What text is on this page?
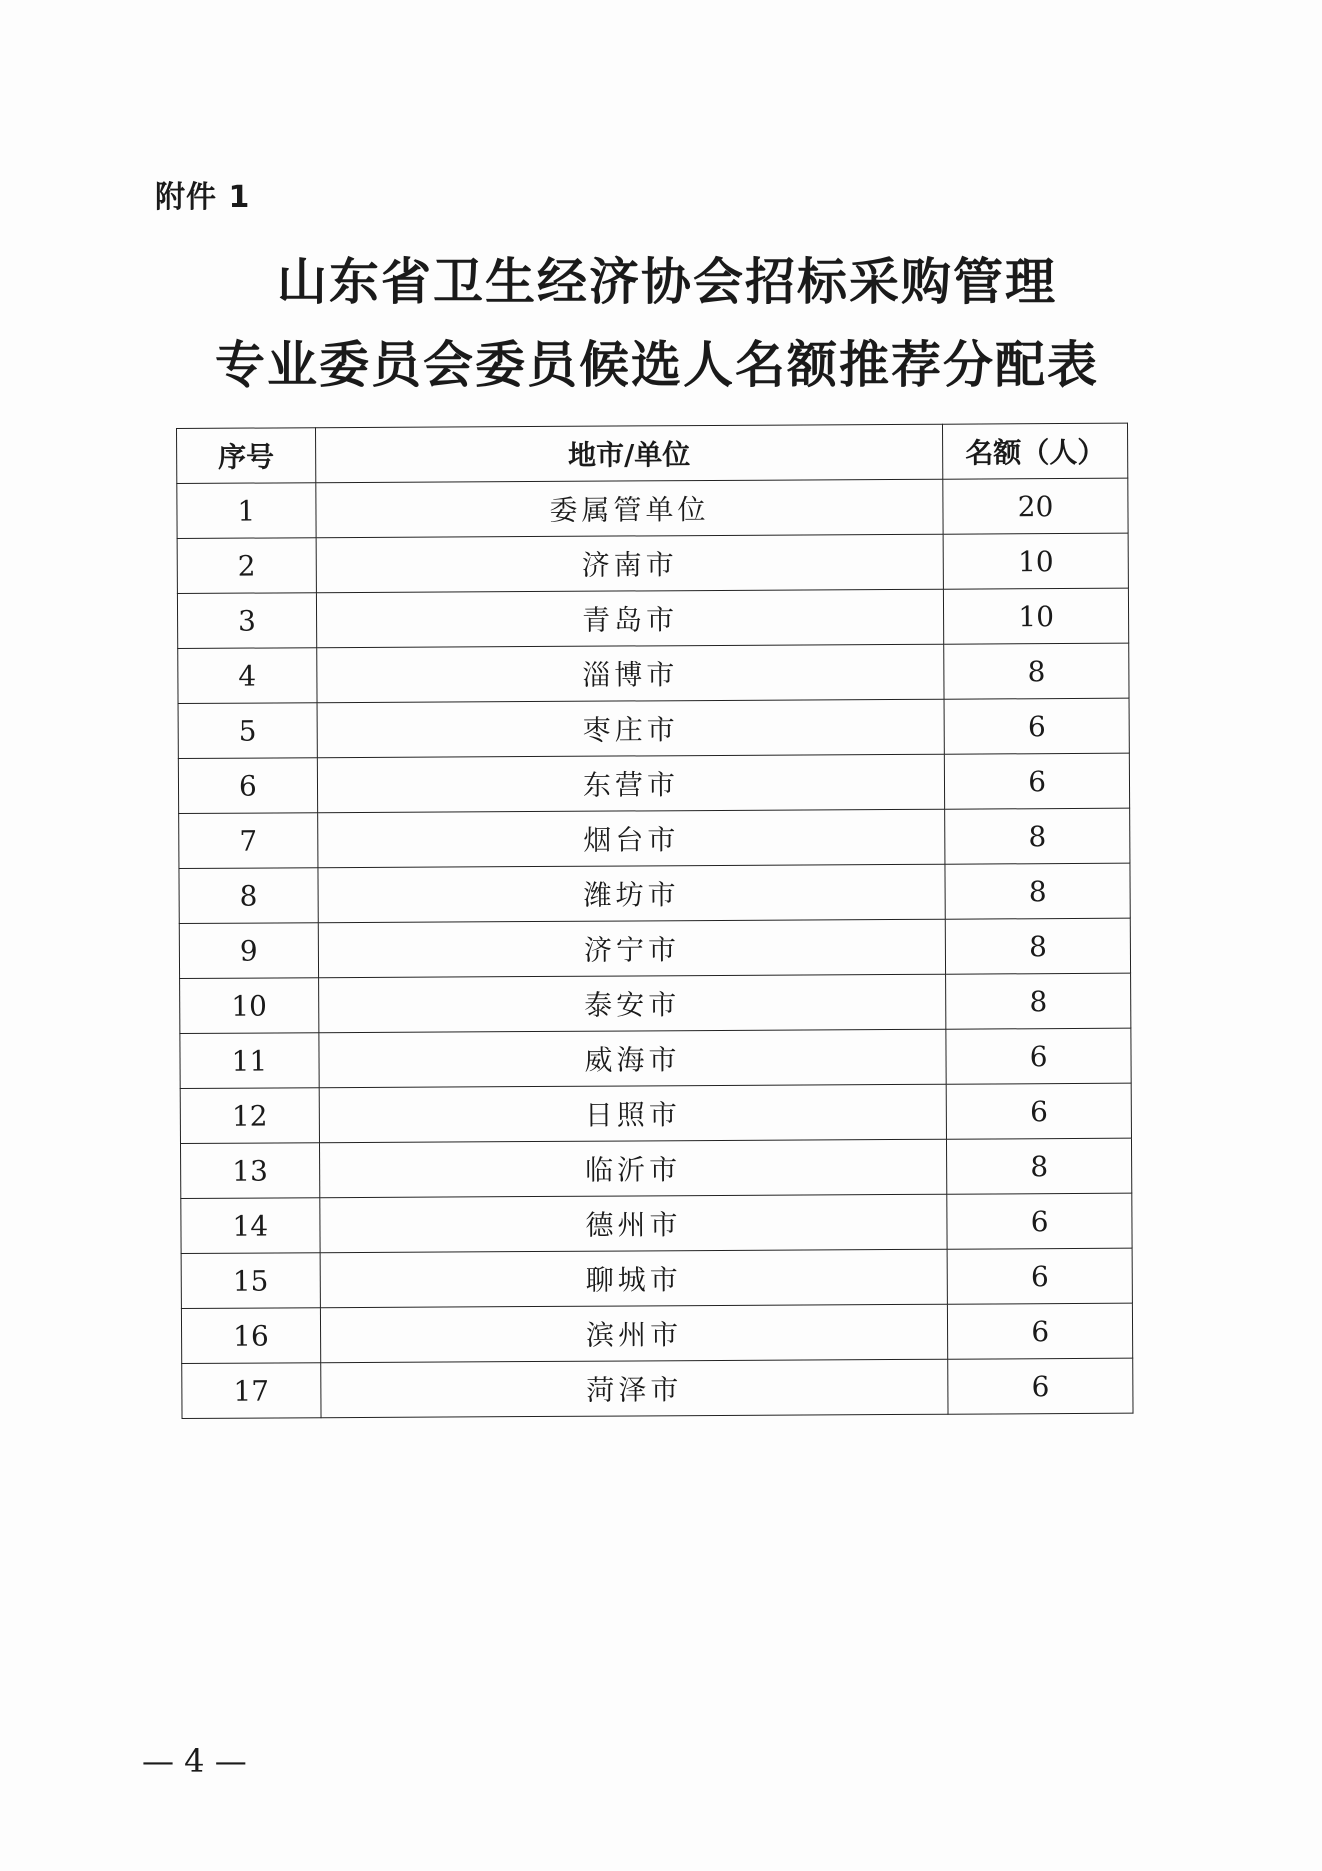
附件 1
山东省卫生经济协会招标采购管理
专业委员会委员候选人名额推荐分配表
序号	地市/单位	名额（人）
1	委属管单位	20
2	济南市	10
3	青岛市	10
4	淄博市	8
5	枣庄市	6
6	东营市	6
7	烟台市	8
8	潍坊市	8
9	济宁市	8
10	泰安市	8
11	威海市	6
12	日照市	6
13	临沂市	8
14	德州市	6
15	聊城市	6
16	滨州市	6
17	菏泽市	6
— 4 —
